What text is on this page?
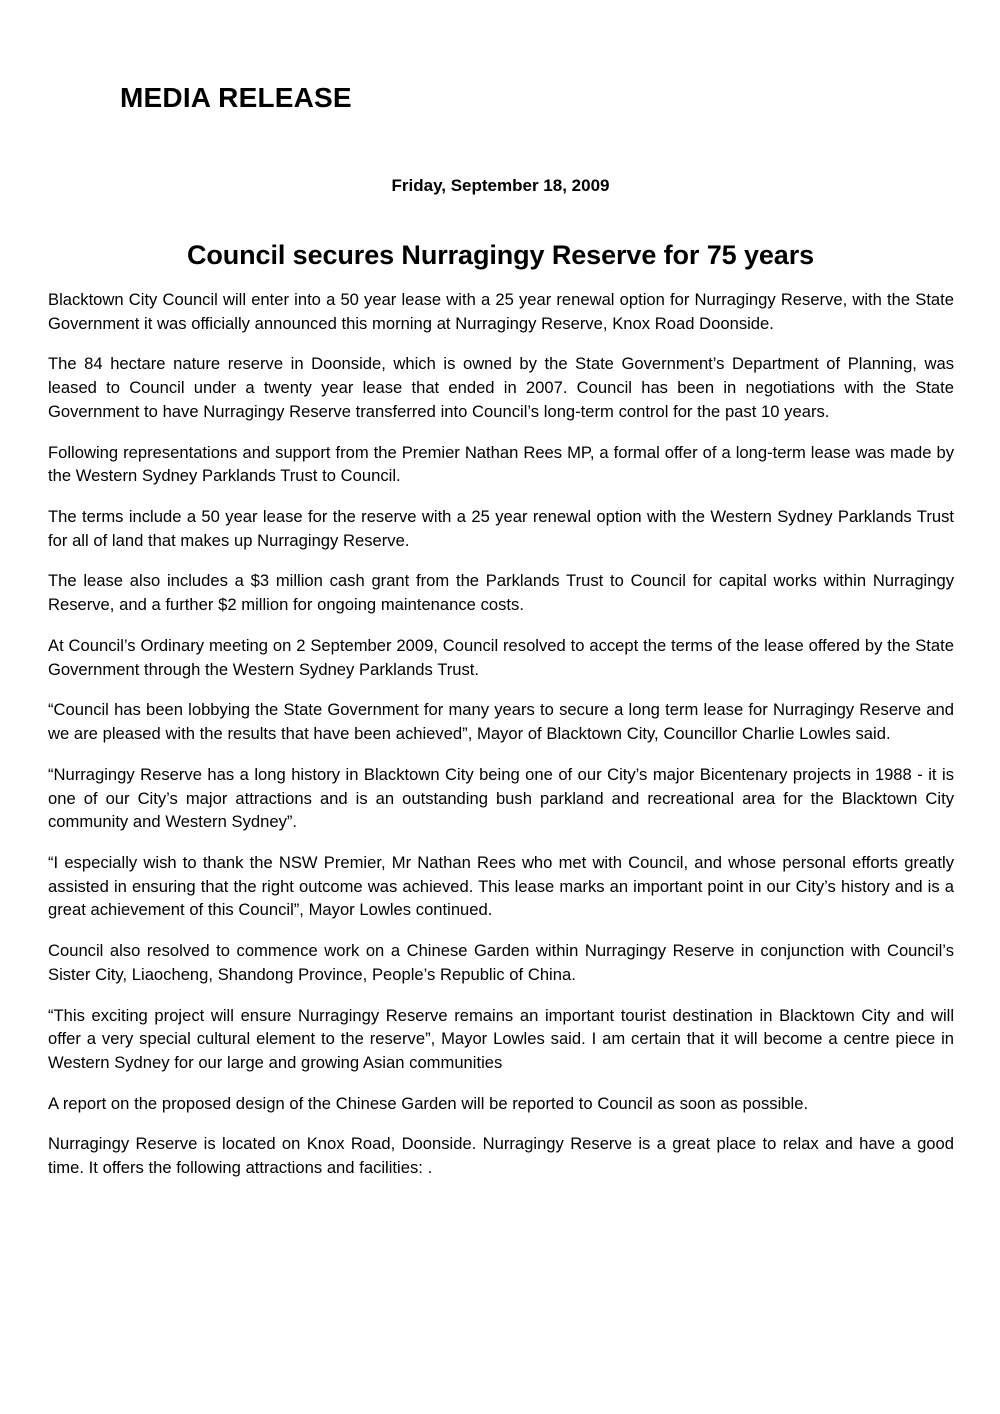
MEDIA RELEASE
Friday, September 18, 2009
Council secures Nurragingy Reserve for 75 years

Blacktown City Council will enter into a 50 year lease with a 25 year renewal option for Nurragingy Reserve, with the State Government it was officially announced this morning at Nurragingy Reserve, Knox Road Doonside.

The 84 hectare nature reserve in Doonside, which is owned by the State Government’s Department of Planning, was leased to Council under a twenty year lease that ended in 2007. Council has been in negotiations with the State Government to have Nurragingy Reserve transferred into Council’s long-term control for the past 10 years.

Following representations and support from the Premier Nathan Rees MP, a formal offer of a long-term lease was made by the Western Sydney Parklands Trust to Council.

The terms include a 50 year lease for the reserve with a 25 year renewal option with the Western Sydney Parklands Trust for all of land that makes up Nurragingy Reserve.

The lease also includes a $3 million cash grant from the Parklands Trust to Council for capital works within Nurragingy Reserve, and a further $2 million for ongoing maintenance costs.

At Council’s Ordinary meeting on 2 September 2009, Council resolved to accept the terms of the lease offered by the State Government through the Western Sydney Parklands Trust.

“Council has been lobbying the State Government for many years to secure a long term lease for Nurragingy Reserve and we are pleased with the results that have been achieved”, Mayor of Blacktown City, Councillor Charlie Lowles said.

“Nurragingy Reserve has a long history in Blacktown City being one of our City’s major Bicentenary projects in 1988 - it is one of our City’s major attractions and is an outstanding bush parkland and recreational area for the Blacktown City community and Western Sydney”.

“I especially wish to thank the NSW Premier, Mr Nathan Rees who met with Council, and whose personal efforts greatly assisted in ensuring that the right outcome was achieved. This lease marks an important point in our City’s history and is a great achievement of this Council”, Mayor Lowles continued.

Council also resolved to commence work on a Chinese Garden within Nurragingy Reserve in conjunction with Council’s Sister City, Liaocheng, Shandong Province, People’s Republic of China.

“This exciting project will ensure Nurragingy Reserve remains an important tourist destination in Blacktown City and will offer a very special cultural element to the reserve”, Mayor Lowles said. I am certain that it will become a centre piece in Western Sydney for our large and growing Asian communities

A report on the proposed design of the Chinese Garden will be reported to Council as soon as possible.

Nurragingy Reserve is located on Knox Road, Doonside. Nurragingy Reserve is a great place to relax and have a good time. It offers the following attractions and facilities: .
